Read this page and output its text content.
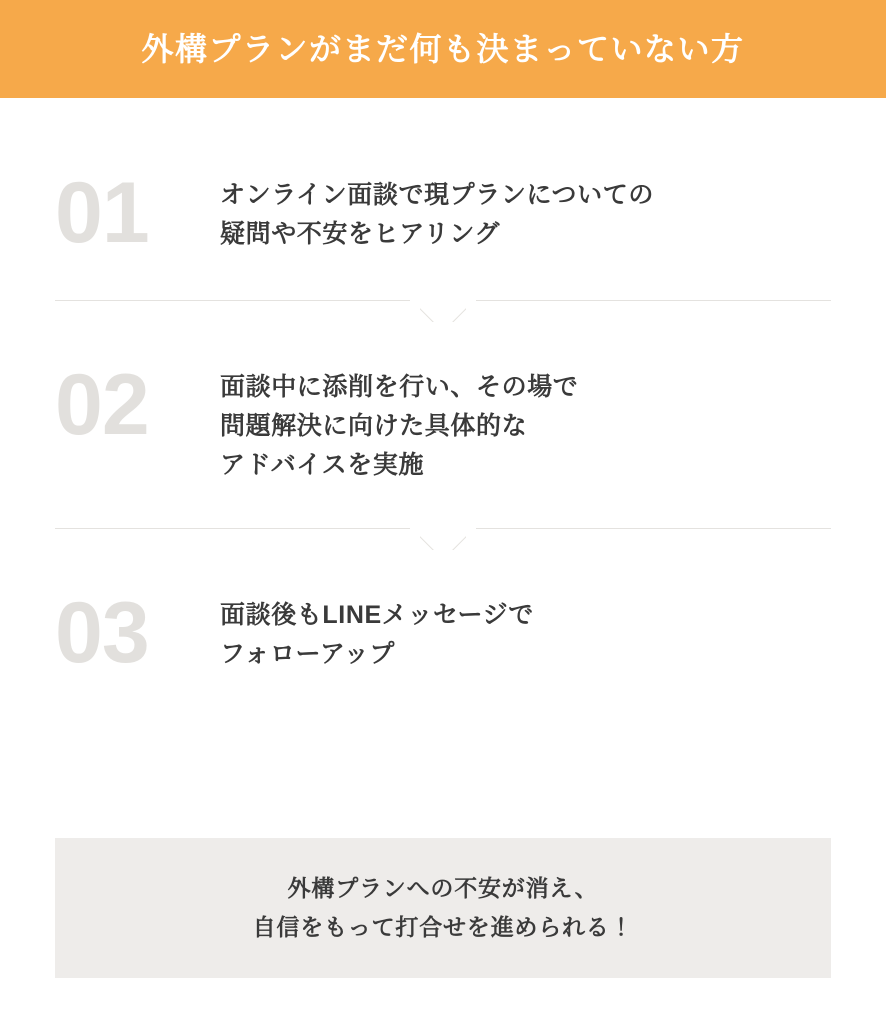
外構プランがまだ何も決まっていない方
01	オンライン面談で現プランについての
疑問や不安をヒアリング
02	面談中に添削を行い、その場で
問題解決に向けた具体的な
アドバイスを実施
03	面談後もLINEメッセージで
フォローアップ
外構プランへの不安が消え、
自信をもって打合せを進められる！
